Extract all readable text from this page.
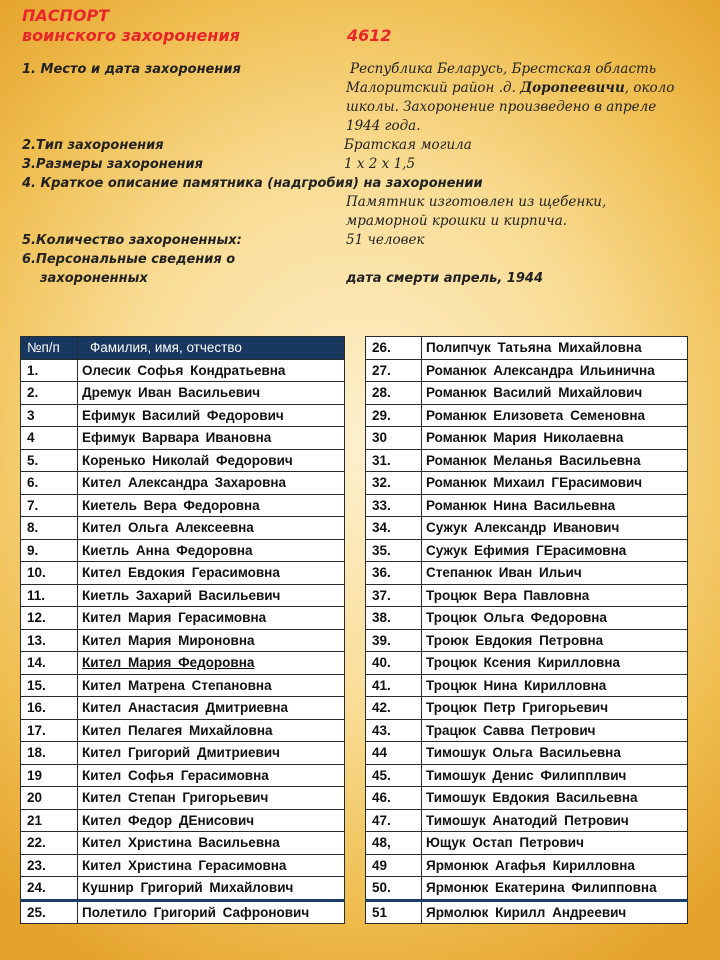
ПАСПОРТ
воинского захоронения	4612
1. Место и дата захоронения	Республика Беларусь, Брестская область
Малоритский район .д. Доропеевичи, около
школы. Захоронение произведено в апреле
1944 года.
2.Тип захоронения	Братская могила
3.Размеры захоронения	1 х 2 х 1,5
4. Краткое описание памятника (надгробия) на захоронении
Памятник изготовлен из щебенки,
мраморной крошки и кирпича.
5.Количество захороненных:	51 человек
6.Персональные сведения о
захороненных	дата смерти апрель, 1944
№п/п	Фамилия, имя, отчество
1.	Олесик Софья Кондратьевна
2.	Дремук Иван Васильевич
3	Ефимук Василий Федорович
4	Ефимук Варвара Ивановна
5.	Коренько Николай Федорович
6.	Кител Александра Захаровна
7.	Киетель Вера Федоровна
8.	Кител Ольга Алексеевна
9.	Киетль Анна Федоровна
10.	Кител Евдокия Герасимовна
11.	Киетль Захарий Васильевич
12.	Кител Мария Герасимовна
13.	Кител Мария Мироновна
14.	Кител Мария Федоровна
15.	Кител Матрена Степановна
16.	Кител Анастасия Дмитриевна
17.	Кител Пелагея Михайловна
18.	Кител Григорий Дмитриевич
19	Кител Софья Герасимовна
20	Кител Степан Григорьевич
21	Кител Федор ДЕнисович
22.	Кител Христина Васильевна
23.	Кител Христина Герасимовна
24.	Кушнир Григорий Михайлович
25.	Полетило Григорий Сафронович
26.	Полипчук Татьяна Михайловна
27.	Романюк Александра Ильинична
28.	Романюк Василий Михайлович
29.	Романюк Елизовета Семеновна
30	Романюк Мария Николаевна
31.	Романюк Меланья Васильевна
32.	Романюк Михаил ГЕрасимович
33.	Романюк Нина Васильевна
34.	Сужук Александр Иванович
35.	Сужук Ефимия ГЕрасимовна
36.	Степанюк Иван Ильич
37.	Троцюк Вера Павловна
38.	Троцюк Ольга Федоровна
39.	Троюк Евдокия Петровна
40.	Троцюк Ксения Кирилловна
41.	Троцюк Нина Кирилловна
42.	Троцюк Петр Григорьевич
43.	Трацюк Савва Петрович
44	Тимошук Ольга Васильевна
45.	Тимошук Денис Филипплвич
46.	Тимошук Евдокия Васильевна
47.	Тимошук Анатодий Петрович
48,	Ющук Остап Петрович
49	Ярмонюк Агафья Кирилловна
50.	Ярмонюк Екатерина Филипповна
51	Ярмолюк Кирилл Андреевич
